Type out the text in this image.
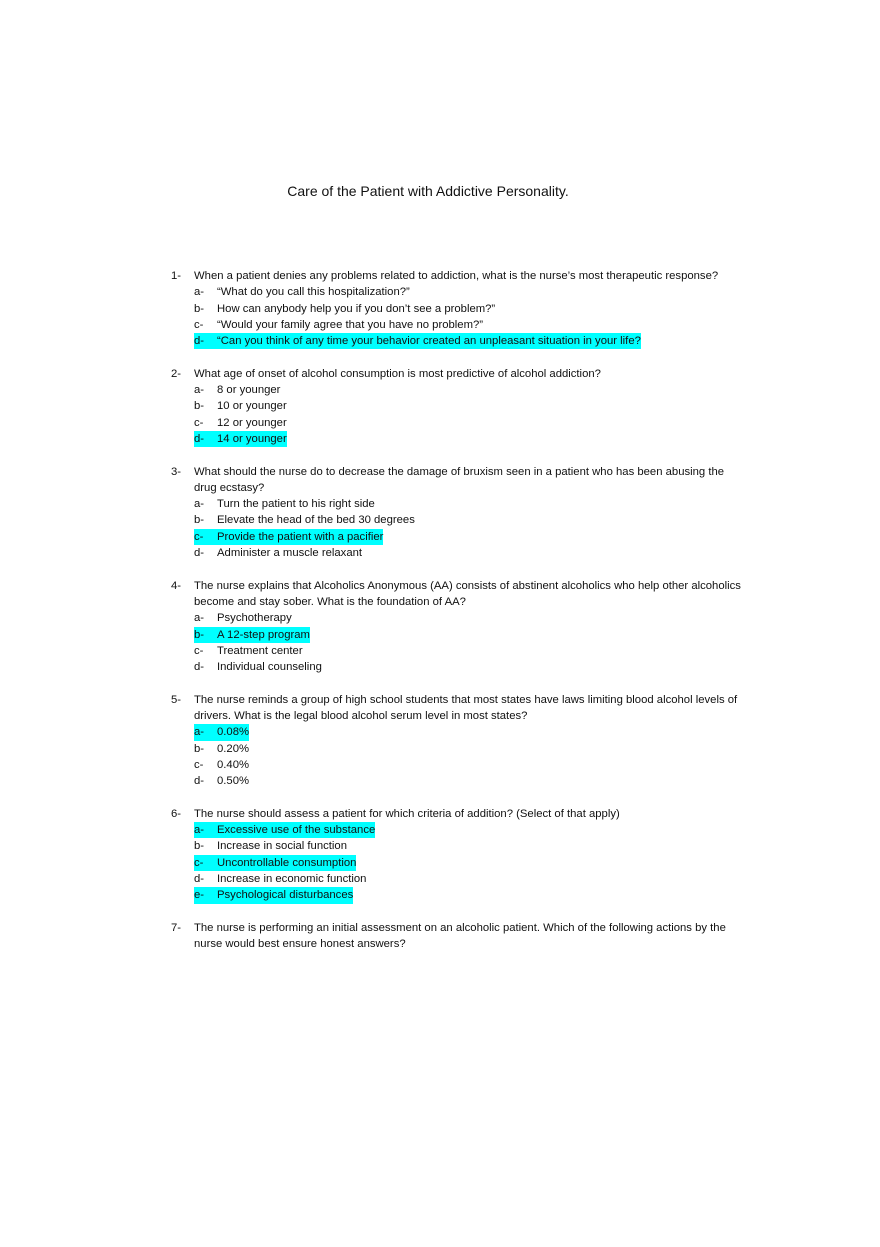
Care of the Patient with Addictive Personality.
1-	When a patient denies any problems related to addiction, what is the nurse’s most therapeutic response?
a-	“What do you call this hospitalization?”
b-	How can anybody help you if you don’t see a problem?”
c-	“Would your family agree that you have no problem?”
d-	“Can you think of any time your behavior created an unpleasant situation in your life?
2-	What age of onset of alcohol consumption is most predictive of alcohol addiction?
a-	8 or younger
b-	10 or younger
c-	12 or younger
d-	14 or younger
3-	What should the nurse do to decrease the damage of bruxism seen in a patient who has been abusing the drug ecstasy?
a-	Turn the patient to his right side
b-	Elevate the head of the bed 30 degrees
c-	Provide the patient with a pacifier
d-	Administer a muscle relaxant
4-	The nurse explains that Alcoholics Anonymous (AA) consists of abstinent alcoholics who help other alcoholics become and stay sober. What is the foundation of AA?
a-	Psychotherapy
b-	A 12-step program
c-	Treatment center
d-	Individual counseling
5-	The nurse reminds a group of high school students that most states have laws limiting blood alcohol levels of drivers. What is the legal blood alcohol serum level in most states?
a-	0.08%
b-	0.20%
c-	0.40%
d-	0.50%
6-	The nurse should assess a patient for which criteria of addition? (Select of that apply)
a-	Excessive use of the substance
b-	Increase in social function
c-	Uncontrollable consumption
d-	Increase in economic function
e-	Psychological disturbances
7-	The nurse is performing an initial assessment on an alcoholic patient. Which of the following actions by the nurse would best ensure honest answers?
